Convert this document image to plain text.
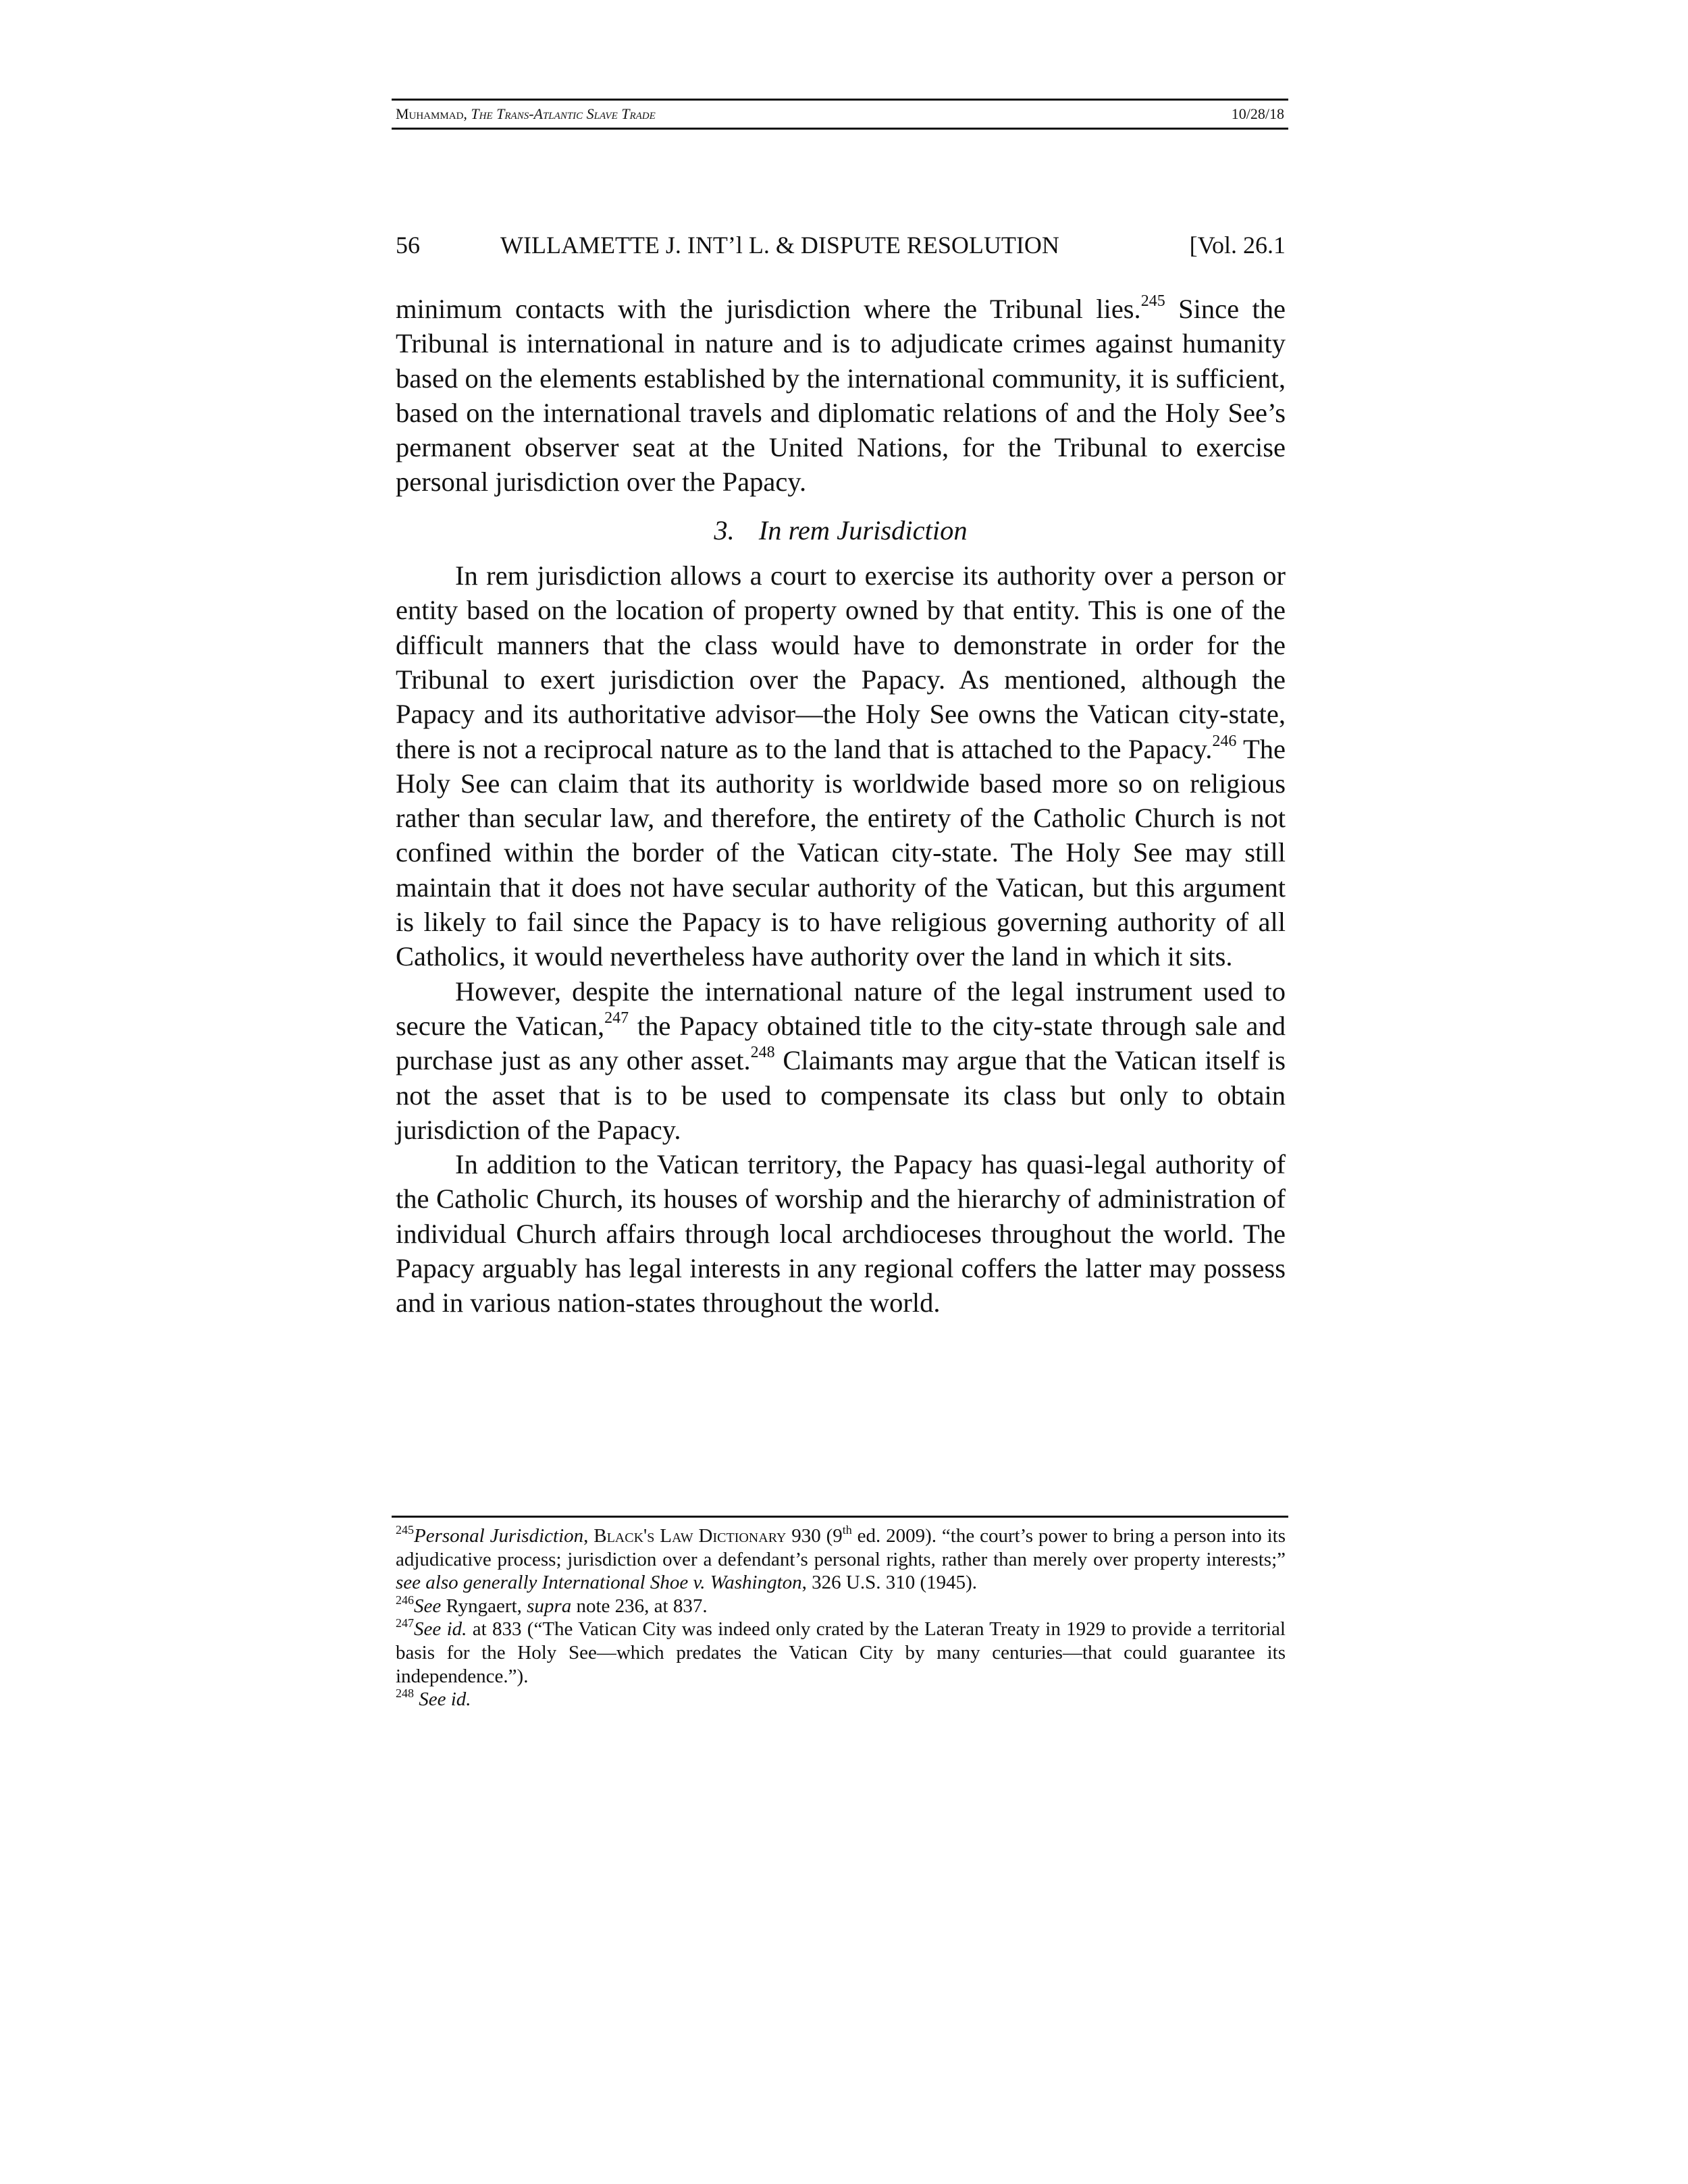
Muhammad, The Trans-Atlantic Slave Trade	10/28/18
56	WILLAMETTE J. INT’l L. & DISPUTE RESOLUTION	[Vol. 26.1

minimum contacts with the jurisdiction where the Tribunal lies.$^{245}$ Since the Tribunal is international in nature and is to adjudicate crimes against humanity based on the elements established by the international community, it is sufficient, based on the international travels and diplomatic relations of and the Holy See’s permanent observer seat at the United Nations, for the Tribunal to exercise personal jurisdiction over the Papacy.

3. In rem Jurisdiction

In rem jurisdiction allows a court to exercise its authority over a person or entity based on the location of property owned by that entity. This is one of the difficult manners that the class would have to demonstrate in order for the Tribunal to exert jurisdiction over the Papacy. As mentioned, although the Papacy and its authoritative advisor—the Holy See owns the Vatican city-state, there is not a reciprocal nature as to the land that is attached to the Papacy.$^{246}$ The Holy See can claim that its authority is worldwide based more so on religious rather than secular law, and therefore, the entirety of the Catholic Church is not confined within the border of the Vatican city-state. The Holy See may still maintain that it does not have secular authority of the Vatican, but this argument is likely to fail since the Papacy is to have religious governing authority of all Catholics, it would nevertheless have authority over the land in which it sits.

However, despite the international nature of the legal instrument used to secure the Vatican,$^{247}$ the Papacy obtained title to the city-state through sale and purchase just as any other asset.$^{248}$ Claimants may argue that the Vatican itself is not the asset that is to be used to compensate its class but only to obtain jurisdiction of the Papacy.

In addition to the Vatican territory, the Papacy has quasi-legal authority of the Catholic Church, its houses of worship and the hierarchy of administration of individual Church affairs through local archdioceses throughout the world. The Papacy arguably has legal interests in any regional coffers the latter may possess and in various nation-states throughout the world.

$^{245}$Personal Jurisdiction, Black's Law Dictionary 930 (9th ed. 2009). “the court’s power to bring a person into its adjudicative process; jurisdiction over a defendant’s personal rights, rather than merely over property interests;” see also generally International Shoe v. Washington, 326 U.S. 310 (1945).

$^{246}$See Ryngaert, supra note 236, at 837.

$^{247}$See id. at 833 (“The Vatican City was indeed only crated by the Lateran Treaty in 1929 to provide a territorial basis for the Holy See—which predates the Vatican City by many centuries—that could guarantee its independence.”).

$^{248}$ See id.
